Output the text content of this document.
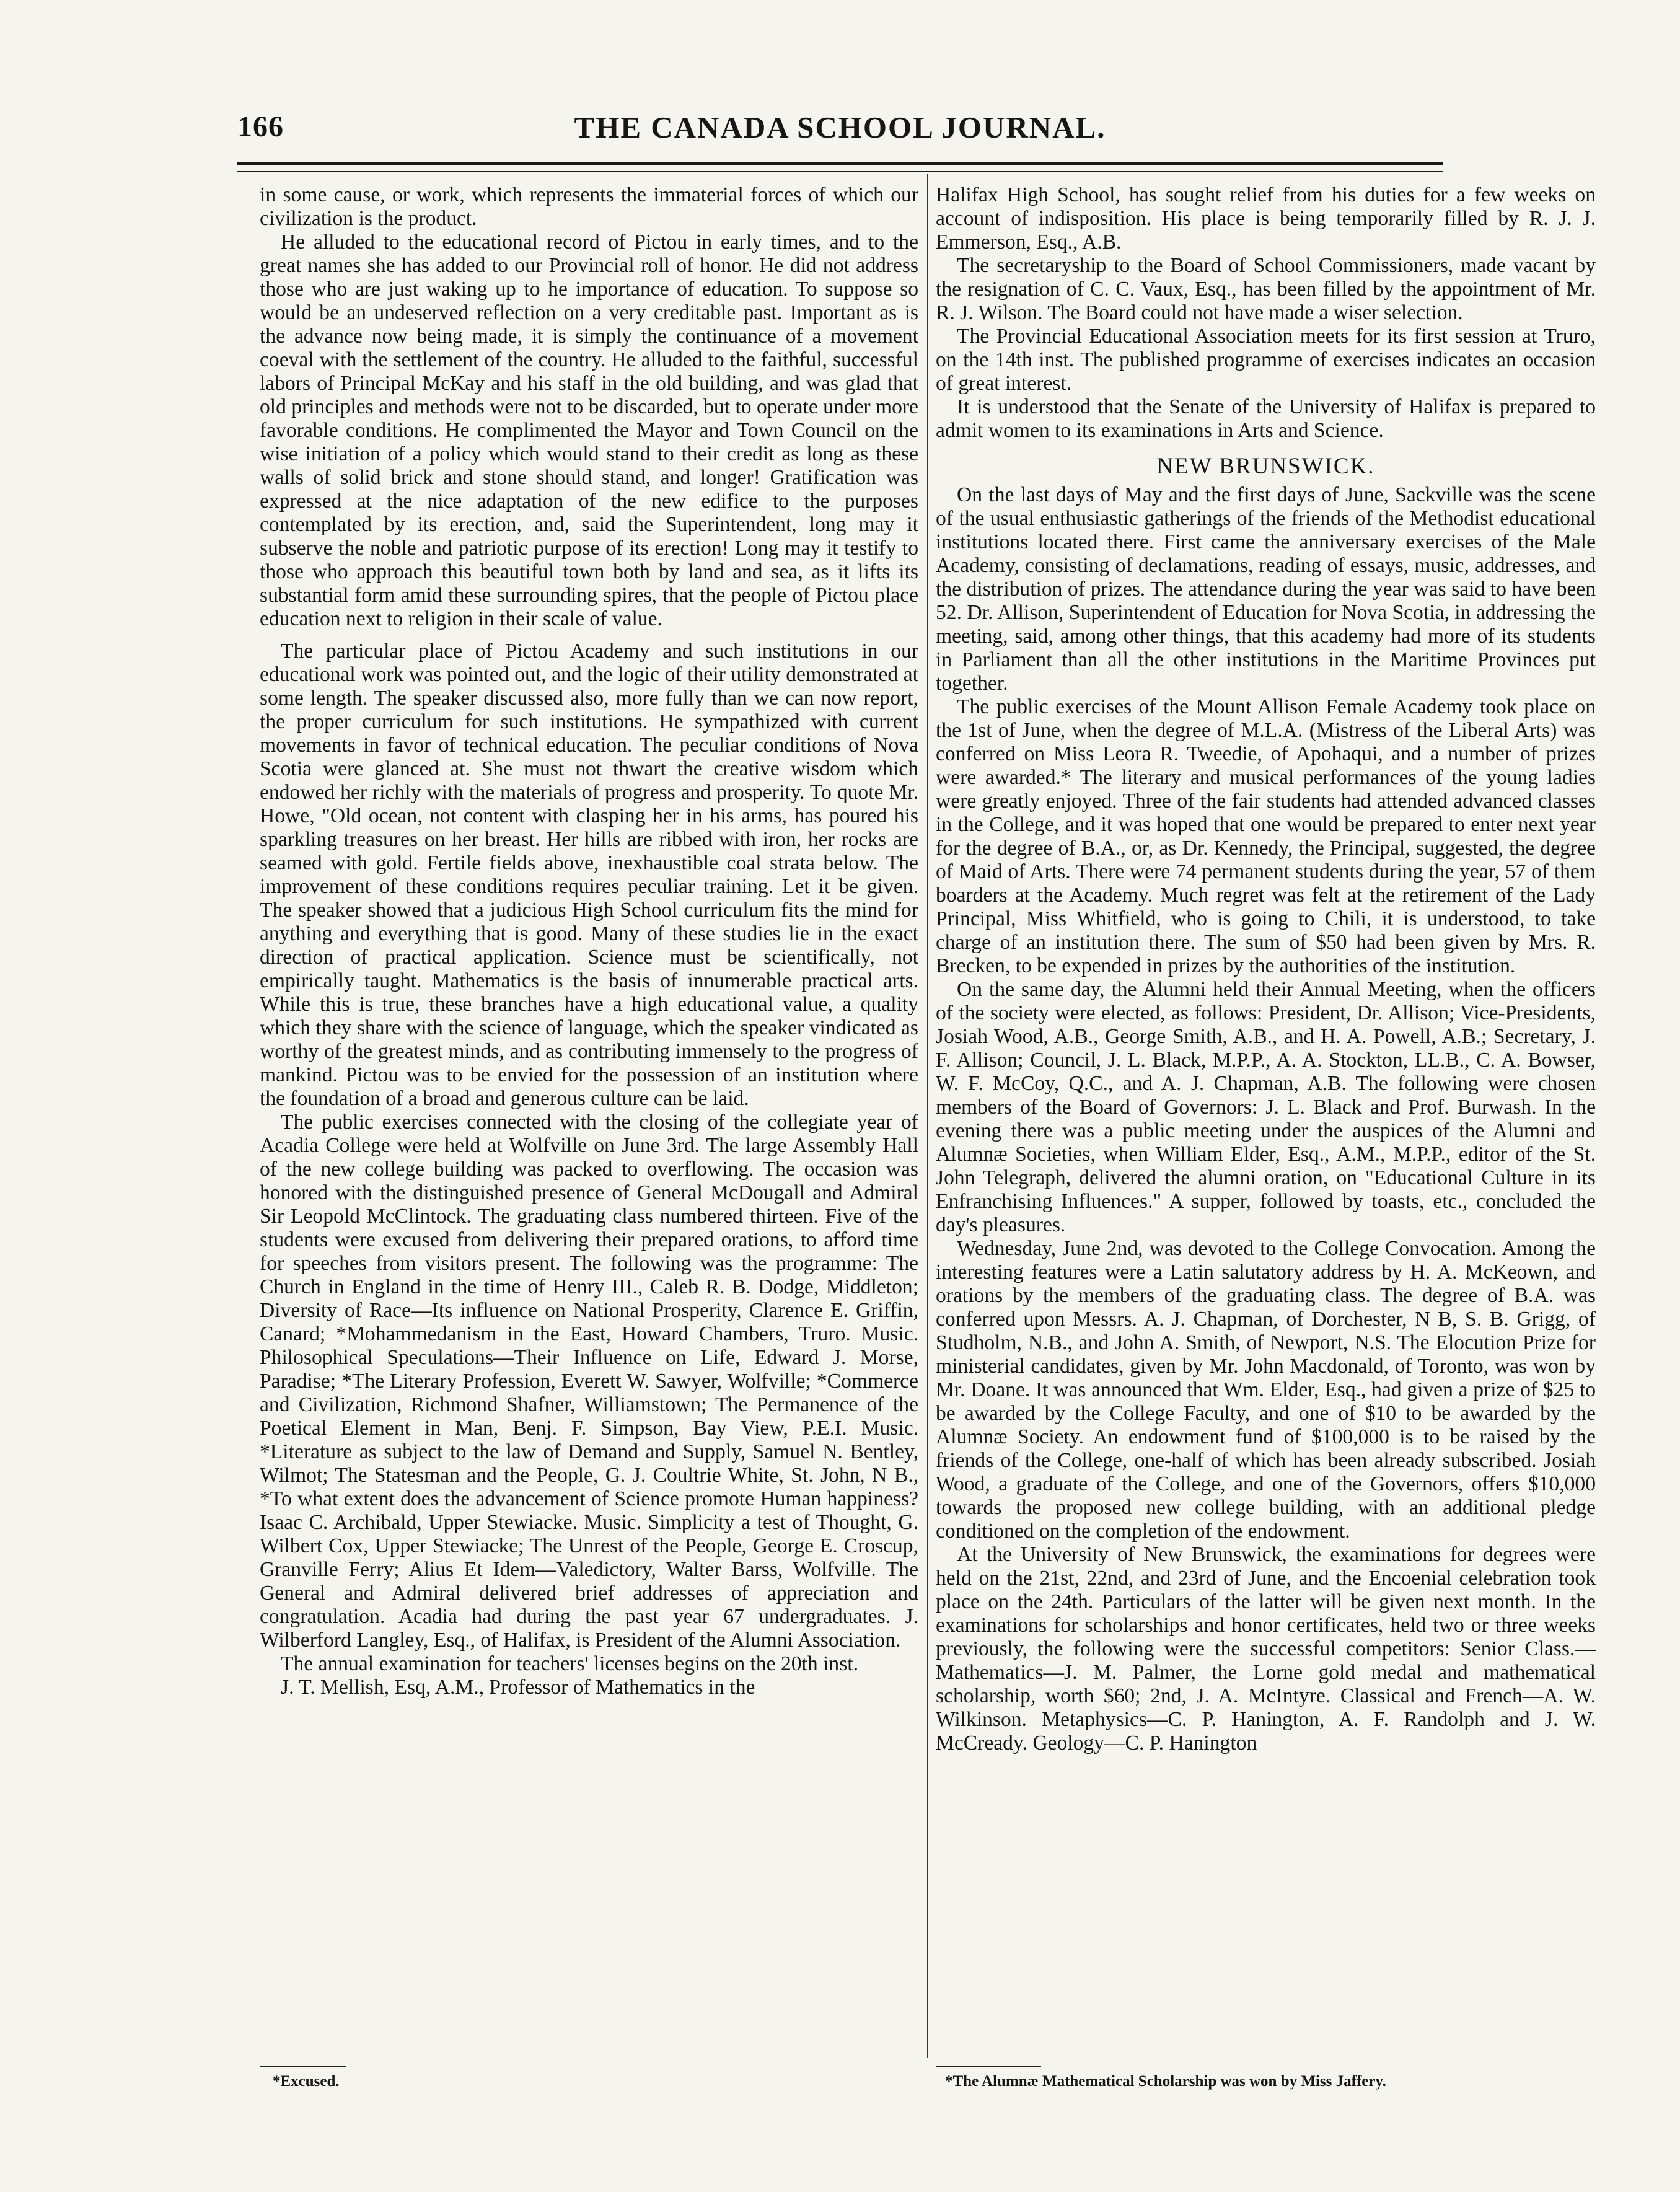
166	THE CANADA SCHOOL JOURNAL.

in some cause, or work, which represents the immaterial forces of which our civilization is the product.

He alluded to the educational record of Pictou in early times, and to the great names she has added to our Provincial roll of honor. He did not address those who are just waking up to he importance of education. To suppose so would be an undeserved reflection on a very creditable past. Important as is the advance now being made, it is simply the continuance of a movement coeval with the settlement of the country. He alluded to the faithful, successful labors of Principal McKay and his staff in the old building, and was glad that old principles and methods were not to be discarded, but to operate under more favorable conditions. He complimented the Mayor and Town Council on the wise initiation of a policy which would stand to their credit as long as these walls of solid brick and stone should stand, and longer! Gratification was expressed at the nice adaptation of the new edifice to the purposes contemplated by its erection, and, said the Superintendent, long may it subserve the noble and patriotic purpose of its erection! Long may it testify to those who approach this beautiful town both by land and sea, as it lifts its substantial form amid these surrounding spires, that the people of Pictou place education next to religion in their scale of value.

The particular place of Pictou Academy and such institutions in our educational work was pointed out, and the logic of their utility demonstrated at some length. The speaker discussed also, more fully than we can now report, the proper curriculum for such institutions. He sympathized with current movements in favor of technical education. The peculiar conditions of Nova Scotia were glanced at. She must not thwart the creative wisdom which endowed her richly with the materials of progress and prosperity. To quote Mr. Howe, "Old ocean, not content with clasping her in his arms, has poured his sparkling treasures on her breast. Her hills are ribbed with iron, her rocks are seamed with gold. Fertile fields above, inexhaustible coal strata below. The improvement of these conditions requires peculiar training. Let it be given. The speaker showed that a judicious High School curriculum fits the mind for anything and everything that is good. Many of these studies lie in the exact direction of practical application. Science must be scientifically, not empirically taught. Mathematics is the basis of innumerable practical arts. While this is true, these branches have a high educational value, a quality which they share with the science of language, which the speaker vindicated as worthy of the greatest minds, and as contributing immensely to the progress of mankind. Pictou was to be envied for the possession of an institution where the foundation of a broad and generous culture can be laid.

The public exercises connected with the closing of the collegiate year of Acadia College were held at Wolfville on June 3rd. The large Assembly Hall of the new college building was packed to overflowing. The occasion was honored with the distinguished presence of General McDougall and Admiral Sir Leopold McClintock. The graduating class numbered thirteen. Five of the students were excused from delivering their prepared orations, to afford time for speeches from visitors present. The following was the programme: The Church in England in the time of Henry III., Caleb R. B. Dodge, Middleton; Diversity of Race—Its influence on National Prosperity, Clarence E. Griffin, Canard; *Mohammedanism in the East, Howard Chambers, Truro. Music. Philosophical Speculations—Their Influence on Life, Edward J. Morse, Paradise; *The Literary Profession, Everett W. Sawyer, Wolfville; *Commerce and Civilization, Richmond Shafner, Williamstown; The Permanence of the Poetical Element in Man, Benj. F. Simpson, Bay View, P.E.I. Music. *Literature as subject to the law of Demand and Supply, Samuel N. Bentley, Wilmot; The Statesman and the People, G. J. Coultrie White, St. John, N B., *To what extent does the advancement of Science promote Human happiness? Isaac C. Archibald, Upper Stewiacke. Music. Simplicity a test of Thought, G. Wilbert Cox, Upper Stewiacke; The Unrest of the People, George E. Croscup, Granville Ferry; Alius Et Idem—Valedictory, Walter Barss, Wolfville. The General and Admiral delivered brief addresses of appreciation and congratulation. Acadia had during the past year 67 undergraduates. J. Wilberford Langley, Esq., of Halifax, is President of the Alumni Association.

The annual examination for teachers' licenses begins on the 20th inst.

J. T. Mellish, Esq, A.M., Professor of Mathematics in the

Halifax High School, has sought relief from his duties for a few weeks on account of indisposition. His place is being temporarily filled by R. J. J. Emmerson, Esq., A.B.

The secretaryship to the Board of School Commissioners, made vacant by the resignation of C. C. Vaux, Esq., has been filled by the appointment of Mr. R. J. Wilson. The Board could not have made a wiser selection.

The Provincial Educational Association meets for its first session at Truro, on the 14th inst. The published programme of exercises indicates an occasion of great interest.

It is understood that the Senate of the University of Halifax is prepared to admit women to its examinations in Arts and Science.

NEW BRUNSWICK.

On the last days of May and the first days of June, Sackville was the scene of the usual enthusiastic gatherings of the friends of the Methodist educational institutions located there. First came the anniversary exercises of the Male Academy, consisting of declamations, reading of essays, music, addresses, and the distribution of prizes. The attendance during the year was said to have been 52. Dr. Allison, Superintendent of Education for Nova Scotia, in addressing the meeting, said, among other things, that this academy had more of its students in Parliament than all the other institutions in the Maritime Provinces put together.

The public exercises of the Mount Allison Female Academy took place on the 1st of June, when the degree of M.L.A. (Mistress of the Liberal Arts) was conferred on Miss Leora R. Tweedie, of Apohaqui, and a number of prizes were awarded.* The literary and musical performances of the young ladies were greatly enjoyed. Three of the fair students had attended advanced classes in the College, and it was hoped that one would be prepared to enter next year for the degree of B.A., or, as Dr. Kennedy, the Principal, suggested, the degree of Maid of Arts. There were 74 permanent students during the year, 57 of them boarders at the Academy. Much regret was felt at the retirement of the Lady Principal, Miss Whitfield, who is going to Chili, it is understood, to take charge of an institution there. The sum of $50 had been given by Mrs. R. Brecken, to be expended in prizes by the authorities of the institution.

On the same day, the Alumni held their Annual Meeting, when the officers of the society were elected, as follows: President, Dr. Allison; Vice-Presidents, Josiah Wood, A.B., George Smith, A.B., and H. A. Powell, A.B.; Secretary, J. F. Allison; Council, J. L. Black, M.P.P., A. A. Stockton, LL.B., C. A. Bowser, W. F. McCoy, Q.C., and A. J. Chapman, A.B. The following were chosen members of the Board of Governors: J. L. Black and Prof. Burwash. In the evening there was a public meeting under the auspices of the Alumni and Alumnæ Societies, when William Elder, Esq., A.M., M.P.P., editor of the St. John Telegraph, delivered the alumni oration, on "Educational Culture in its Enfranchising Influences." A supper, followed by toasts, etc., concluded the day's pleasures.

Wednesday, June 2nd, was devoted to the College Convocation. Among the interesting features were a Latin salutatory address by H. A. McKeown, and orations by the members of the graduating class. The degree of B.A. was conferred upon Messrs. A. J. Chapman, of Dorchester, N B, S. B. Grigg, of Studholm, N.B., and John A. Smith, of Newport, N.S. The Elocution Prize for ministerial candidates, given by Mr. John Macdonald, of Toronto, was won by Mr. Doane. It was announced that Wm. Elder, Esq., had given a prize of $25 to be awarded by the College Faculty, and one of $10 to be awarded by the Alumnæ Society. An endowment fund of $100,000 is to be raised by the friends of the College, one-half of which has been already subscribed. Josiah Wood, a graduate of the College, and one of the Governors, offers $10,000 towards the proposed new college building, with an additional pledge conditioned on the completion of the endowment.

At the University of New Brunswick, the examinations for degrees were held on the 21st, 22nd, and 23rd of June, and the Encoenial celebration took place on the 24th. Particulars of the latter will be given next month. In the examinations for scholarships and honor certificates, held two or three weeks previously, the following were the successful competitors: Senior Class.—Mathematics—J. M. Palmer, the Lorne gold medal and mathematical scholarship, worth $60; 2nd, J. A. McIntyre. Classical and French—A. W. Wilkinson. Metaphysics—C. P. Hanington, A. F. Randolph and J. W. McCready. Geology—C. P. Hanington

*Excused.	*The Alumnæ Mathematical Scholarship was won by Miss Jaffery.
